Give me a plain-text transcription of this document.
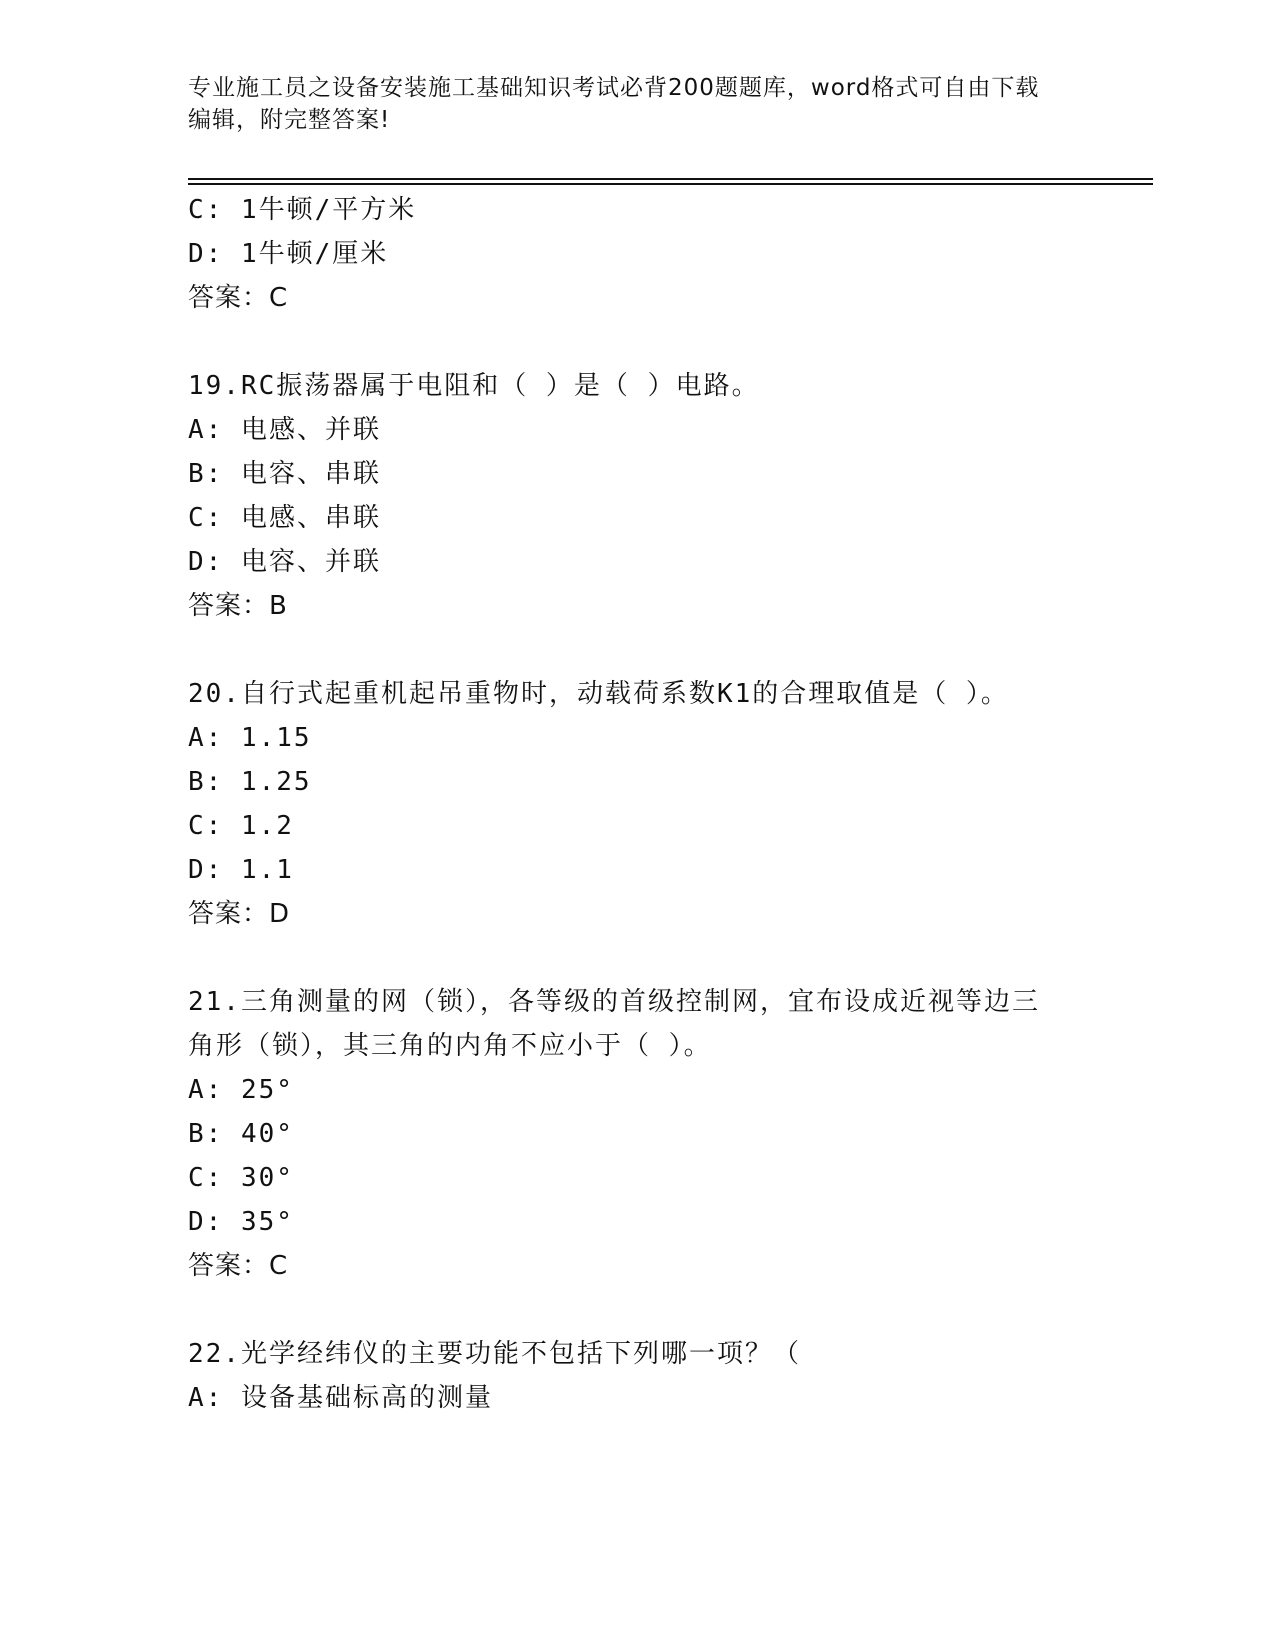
专业施工员之设备安装施工基础知识考试必背200题题库，word格式可自由下载
编辑，附完整答案!
C: 1牛顿/平方米
D: 1牛顿/厘米
答案：C
19.RC振荡器属于电阻和（ ）是（ ）电路。
A: 电感、并联
B: 电容、串联
C: 电感、串联
D: 电容、并联
答案：B
20.自行式起重机起吊重物时，动载荷系数K1的合理取值是（ ）。
A: 1.15
B: 1.25
C: 1.2
D: 1.1
答案：D
21.三角测量的网（锁），各等级的首级控制网，宜布设成近视等边三
角形（锁），其三角的内角不应小于（ ）。
A: 25°
B: 40°
C: 30°
D: 35°
答案：C
22.光学经纬仪的主要功能不包括下列哪一项？（
A: 设备基础标高的测量
